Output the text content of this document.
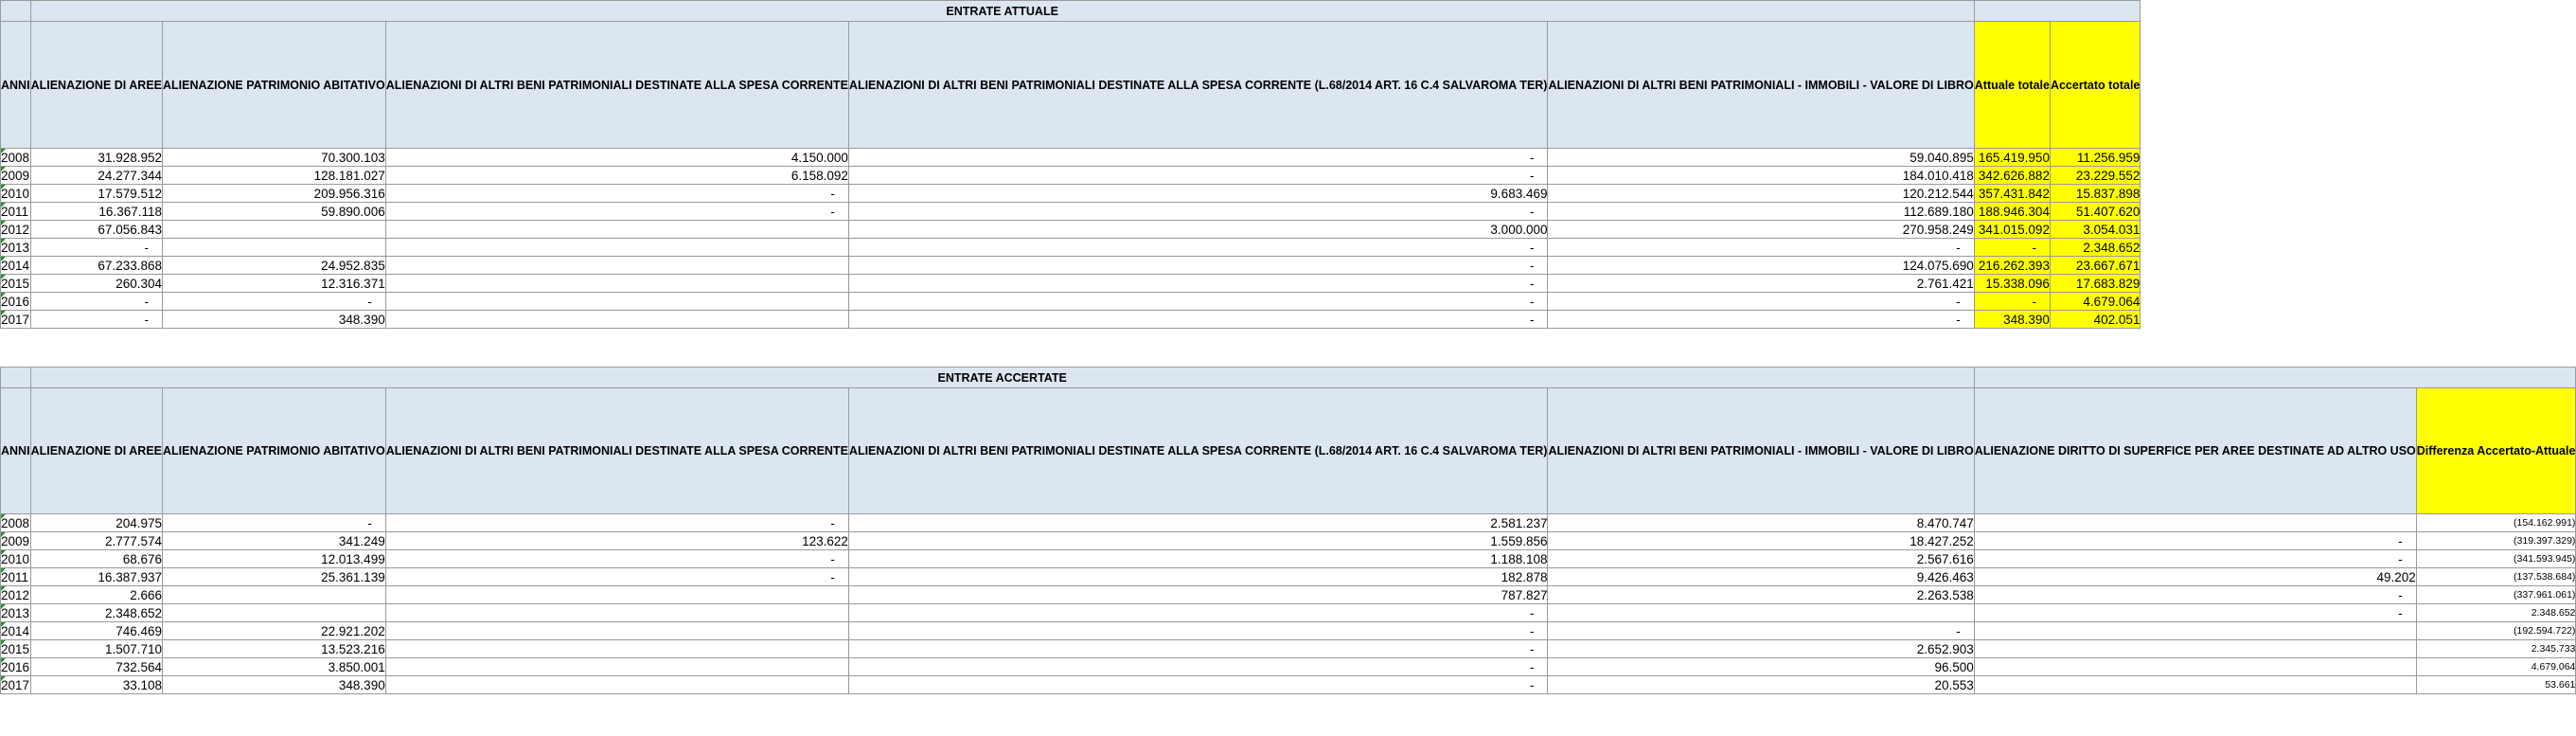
	ENTRATE ATTUALE						
ANNI	ALIENAZIONE DI AREE	ALIENAZIONE PATRIMONIO ABITATIVO	ALIENAZIONI DI ALTRI BENI PATRIMONIALI DESTINATE ALLA SPESA CORRENTE	ALIENAZIONI DI ALTRI BENI PATRIMONIALI DESTINATE ALLA SPESA CORRENTE (L.68/2014 ART. 16 C.4 SALVAROMA TER)	ALIENAZIONI DI ALTRI BENI PATRIMONIALI - IMMOBILI - VALORE DI LIBRO	Attuale totale	Accertato totale

2008	31.928.952	70.300.103	4.150.000	-	59.040.895	165.419.950	11.256.959

2009	24.277.344	128.181.027	6.158.092	-	184.010.418	342.626.882	23.229.552

2010	17.579.512	209.956.316	-	9.683.469	120.212.544	357.431.842	15.837.898

2011	16.367.118	59.890.006	-	-	112.689.180	188.946.304	51.407.620

2012	67.056.843			3.000.000	270.958.249	341.015.092	3.054.031

2013	-			-	-	-	2.348.652

2014	67.233.868	24.952.835		-	124.075.690	216.262.393	23.667.671

2015	260.304	12.316.371		-	2.761.421	15.338.096	17.683.829

2016	-	-		-	-	-	4.679.064

2017	-	348.390		-	-	348.390	402.051
	ENTRATE ACCERTATE						
ANNI	ALIENAZIONE DI AREE	ALIENAZIONE PATRIMONIO ABITATIVO	ALIENAZIONI DI ALTRI BENI PATRIMONIALI DESTINATE ALLA SPESA CORRENTE	ALIENAZIONI DI ALTRI BENI PATRIMONIALI DESTINATE ALLA SPESA CORRENTE (L.68/2014 ART. 16 C.4 SALVAROMA TER)	ALIENAZIONI DI ALTRI BENI PATRIMONIALI - IMMOBILI - VALORE DI LIBRO	ALIENAZIONE DIRITTO DI SUPERFICE PER AREE DESTINATE AD ALTRO USO	Differenza Accertato-Attuale

2008	204.975	-	-	2.581.237	8.470.747		(154.162.991)

2009	2.777.574	341.249	123.622	1.559.856	18.427.252	-	(319.397.329)

2010	68.676	12.013.499	-	1.188.108	2.567.616	-	(341.593.945)

2011	16.387.937	25.361.139	-	182.878	9.426.463	49.202	(137.538.684)

2012	2.666			787.827	2.263.538	-	(337.961.061)

2013	2.348.652			-		-	2.348.652

2014	746.469	22.921.202		-	-		(192.594.722)

2015	1.507.710	13.523.216		-	2.652.903		2.345.733

2016	732.564	3.850.001		-	96.500		4.679.064

2017	33.108	348.390		-	20.553		53.661
